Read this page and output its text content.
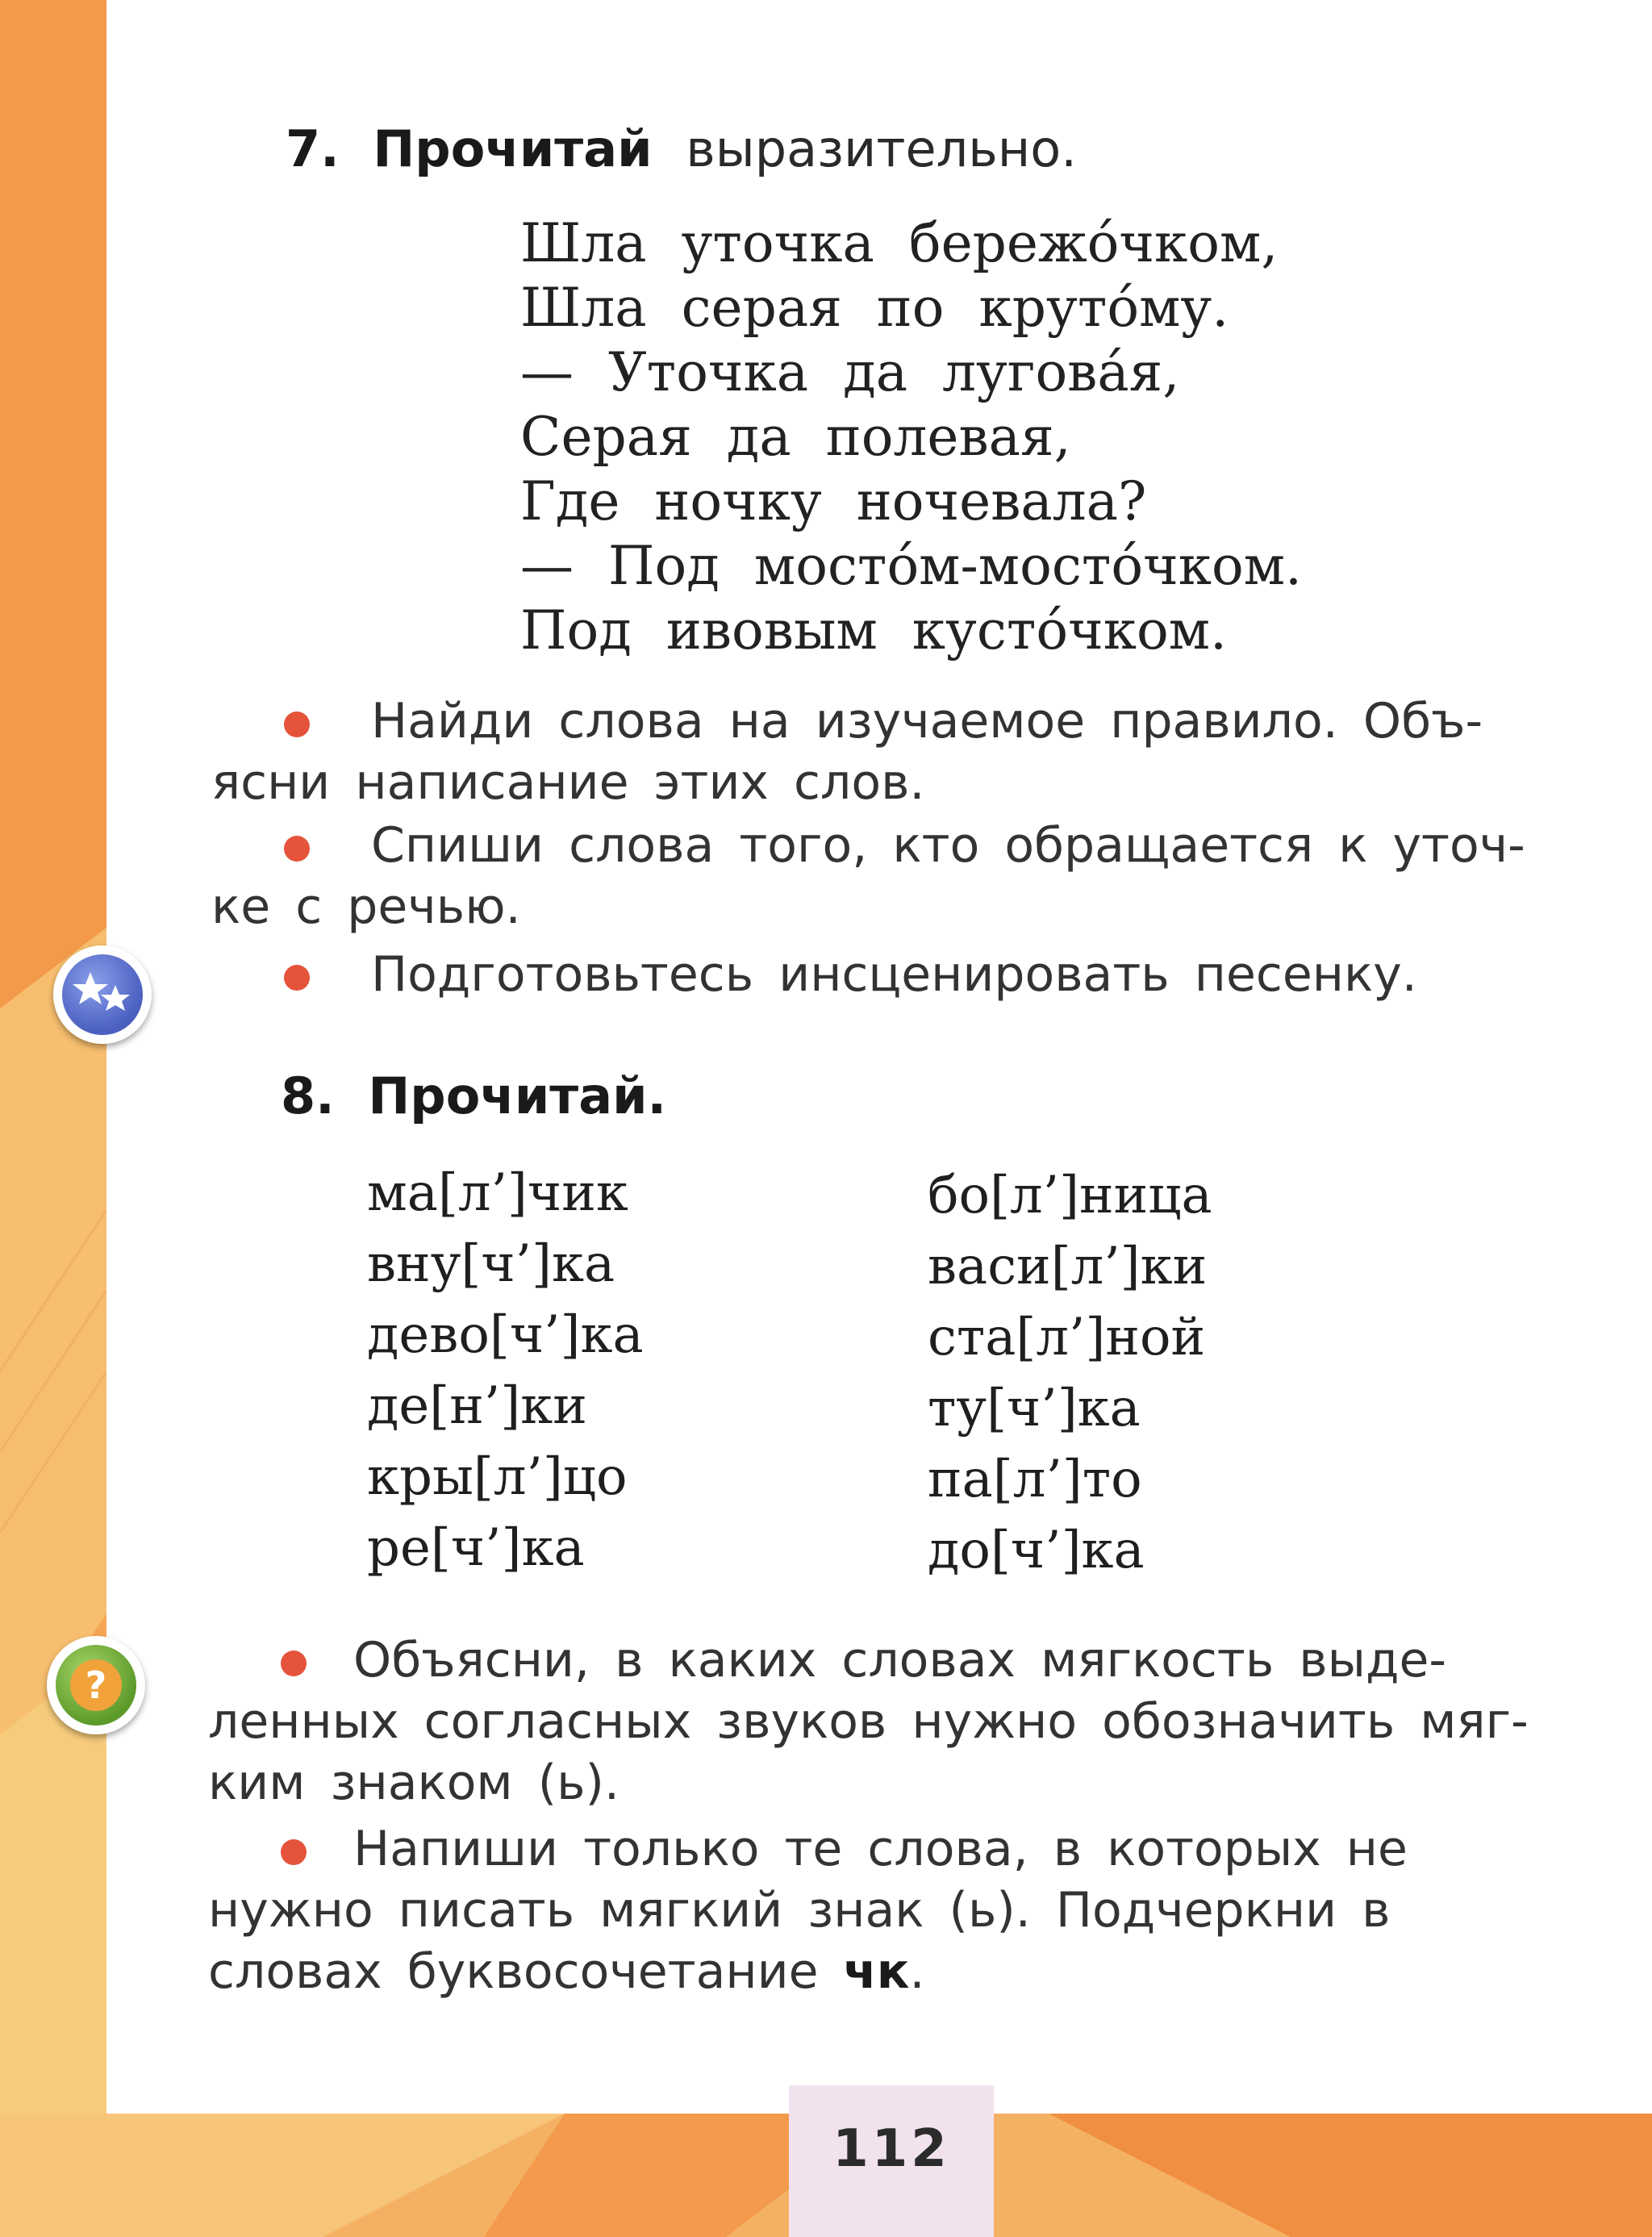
7. Прочитай выразительно.
Шла уточка бережóчком,
Шла серая по крутóму.
— Уточка да луговáя,
Серая да полевая,
Где ночку ночевала?
— Под мостóм-мостóчком.
Под ивовым кустóчком.
Найди слова на изучаемое правило. Объ-
ясни написание этих слов.
Спиши слова того, кто обращается к уточ-
ке с речью.
Подготовьтесь инсценировать песенку.
8. Прочитай.
ма[л’]чик
вну[ч’]ка
дево[ч’]ка
де[н’]ки
кры[л’]цо
ре[ч’]ка
бо[л’]ница
васи[л’]ки
ста[л’]ной
ту[ч’]ка
па[л’]то
до[ч’]ка
?	Объясни, в каких словах мягкость выде-
ленных согласных звуков нужно обозначить мяг-
ким знаком (ь).
Напиши только те слова, в которых не
нужно писать мягкий знак (ь). Подчеркни в
словах буквосочетание чк.
112
